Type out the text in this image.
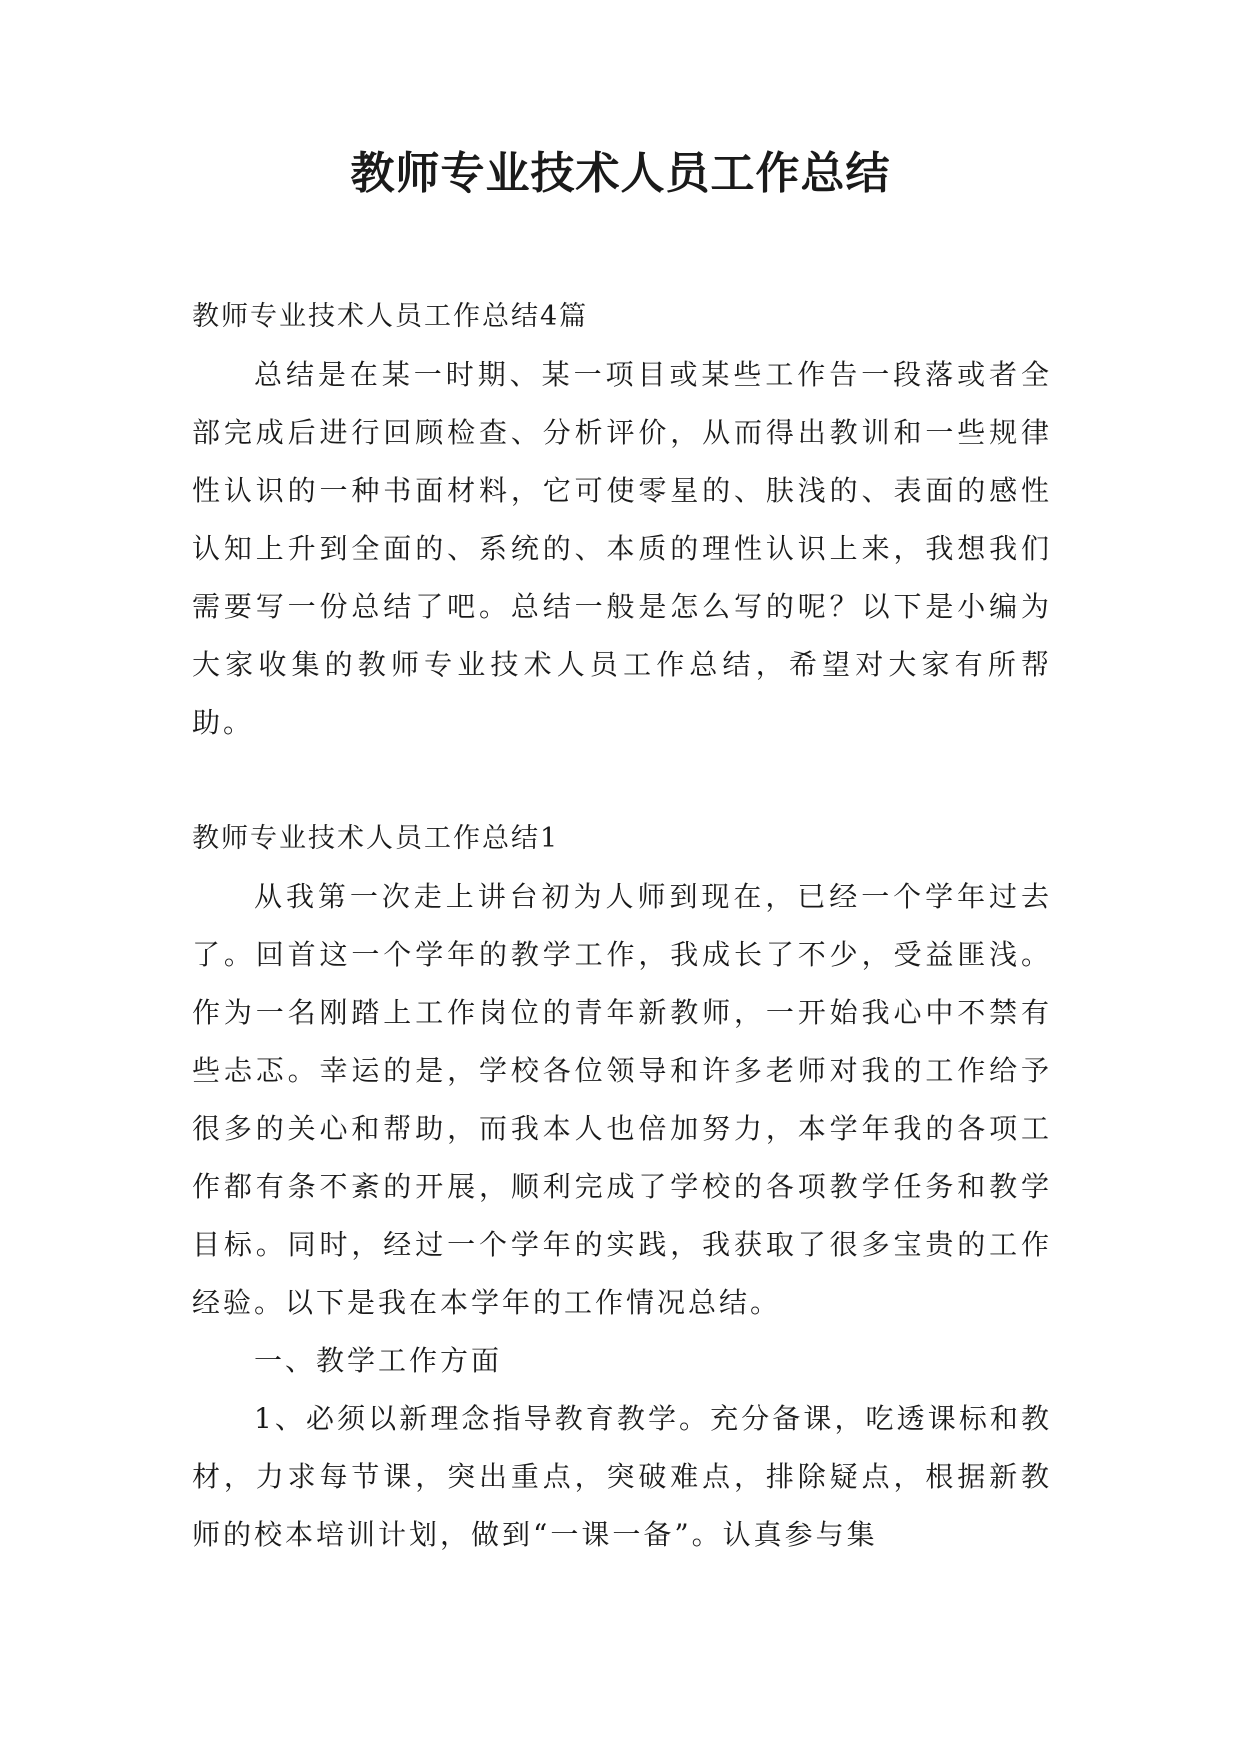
教师专业技术人员工作总结

教师专业技术人员工作总结4篇

总结是在某一时期、某一项目或某些工作告一段落或者全部完成后进行回顾检查、分析评价，从而得出教训和一些规律性认识的一种书面材料，它可使零星的、肤浅的、表面的感性认知上升到全面的、系统的、本质的理性认识上来，我想我们需要写一份总结了吧。总结一般是怎么写的呢？以下是小编为大家收集的教师专业技术人员工作总结，希望对大家有所帮助。

教师专业技术人员工作总结1

从我第一次走上讲台初为人师到现在，已经一个学年过去了。回首这一个学年的教学工作，我成长了不少，受益匪浅。作为一名刚踏上工作岗位的青年新教师，一开始我心中不禁有些忐忑。幸运的是，学校各位领导和许多老师对我的工作给予很多的关心和帮助，而我本人也倍加努力，本学年我的各项工作都有条不紊的开展，顺利完成了学校的各项教学任务和教学目标。同时，经过一个学年的实践，我获取了很多宝贵的工作经验。以下是我在本学年的工作情况总结。

一、教学工作方面

1、必须以新理念指导教育教学。充分备课，吃透课标和教材，力求每节课，突出重点，突破难点，排除疑点，根据新教师的校本培训计划，做到“一课一备”。认真参与集
